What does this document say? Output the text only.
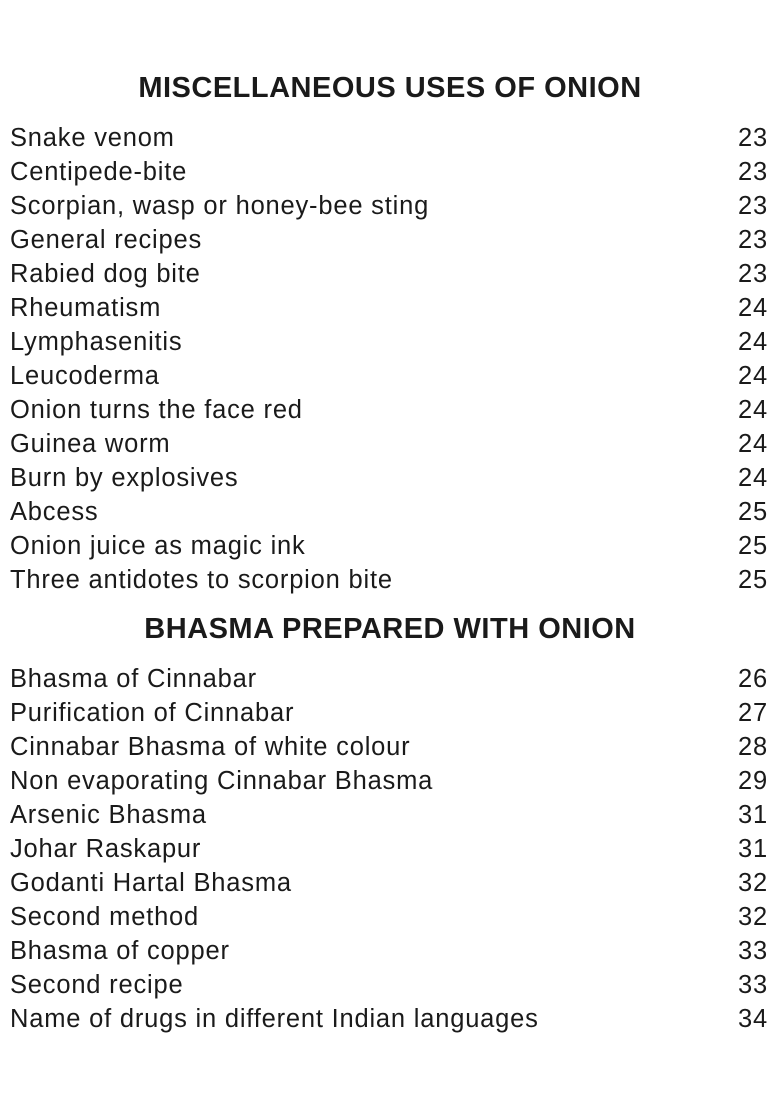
MISCELLANEOUS USES OF ONION
Snake venom	23
Centipede-bite	23
Scorpian, wasp or honey-bee sting	23
General recipes	23
Rabied dog bite	23
Rheumatism	24
Lymphasenitis	24
Leucoderma	24
Onion turns the face red	24
Guinea worm	24
Burn by explosives	24
Abcess	25
Onion juice as magic ink	25
Three antidotes to scorpion bite	25
BHASMA PREPARED WITH ONION
Bhasma of Cinnabar	26
Purification of Cinnabar	27
Cinnabar Bhasma of white colour	28
Non evaporating Cinnabar Bhasma	29
Arsenic Bhasma	31
Johar Raskapur	31
Godanti Hartal Bhasma	32
Second method	32
Bhasma of copper	33
Second recipe	33
Name of drugs in different Indian languages	34
